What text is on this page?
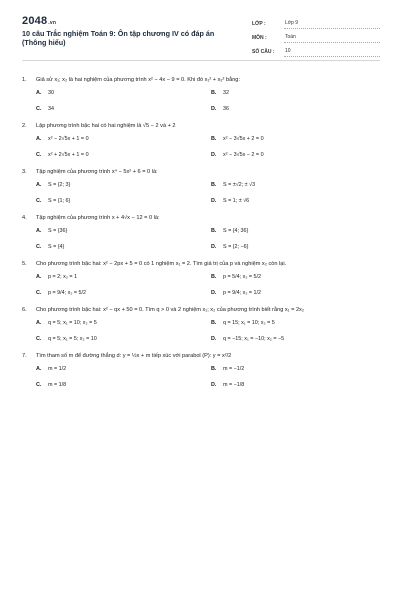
2048.vn
10 câu Trắc nghiệm Toán 9: Ôn tập chương IV có đáp án (Thông hiểu)
LỚP :	Lớp 9
MÔN :	Toán
SỐ CÂU :	10
1.	Giả sử x₁; x₂ là hai nghiệm của phương trình x² − 4x − 9 = 0. Khi đó x₁² + x₂² bằng:
A.	30	B.	32
C.	34	D.	36
2.	Lập phương trình bậc hai có hai nghiệm là √5 − 2 và + 2
A.	x² − 2√5x + 1 = 0	B.	x² − 3√5x + 2 = 0
C.	x² + 2√5x + 1 = 0	D.	x² − 3√5x − 2 = 0
3.	Tập nghiệm của phương trình x⁴ − 5x² + 6 = 0 là:
A.	S = {2; 3}	B.	S = ±√2; ± √3
C.	S = {1; 6}	D.	S = 1; ± √6
4.	Tập nghiệm của phương trình x + 4√x − 12 = 0 là:
A.	S = {36}	B.	S = {4; 36}
C.	S = {4}	D.	S = {2; −6}
5.	Cho phương trình bậc hai: x² − 2px + 5 = 0 có 1 nghiệm x₁ = 2. Tìm giá trị của p và nghiệm x₂ còn lại.
A.	p = 2; x₂ = 1	B.	p = 5/4; x₂ = 5/2
C.	p = 9/4; x₂ = 5/2	D.	p = 9/4; x₂ = 1/2
6.	Cho phương trình bậc hai: x² − qx + 50 = 0. Tìm q > 0 và 2 nghiệm x₁; x₂ của phương trình biết rằng x₁ = 2x₂
A.	q = 5; x₁ = 10; x₂ = 5	B.	q = 15; x₁ = 10; x₂ = 5
C.	q = 5; x₁ = 5; x₂ = 10	D.	q = −15; x₁ = −10; x₂ = −5
7.	Tìm tham số m để đường thẳng d: y = ½x + m tiếp xúc với parabol (P): y = x²/2
A.	m = 1/2	B.	m = −1/2
C.	m = 1/8	D.	m = −1/8
